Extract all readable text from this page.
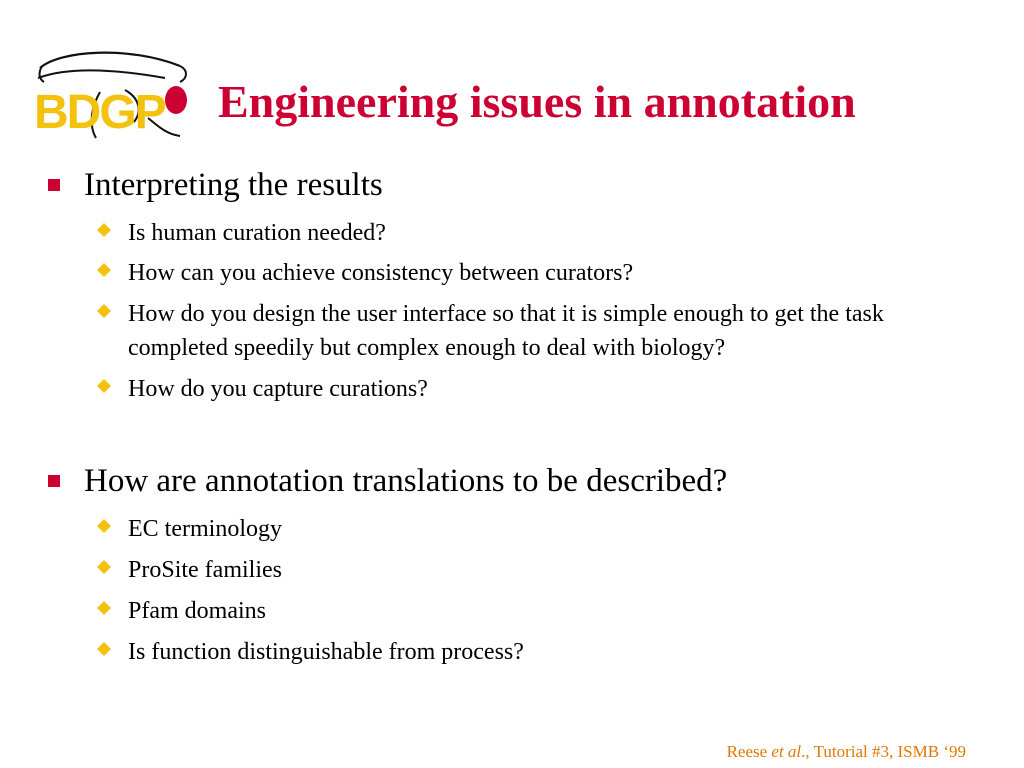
BDGP Engineering issues in annotation
Interpreting the results
Is human curation needed?
How can you achieve consistency between curators?
How do you design the user interface so that it is simple enough to get the task completed speedily but complex enough to deal with biology?
How do you capture curations?
How are annotation translations to be described?
EC terminology
ProSite families
Pfam domains
Is function distinguishable from process?
Reese et al., Tutorial #3, ISMB ‘99
